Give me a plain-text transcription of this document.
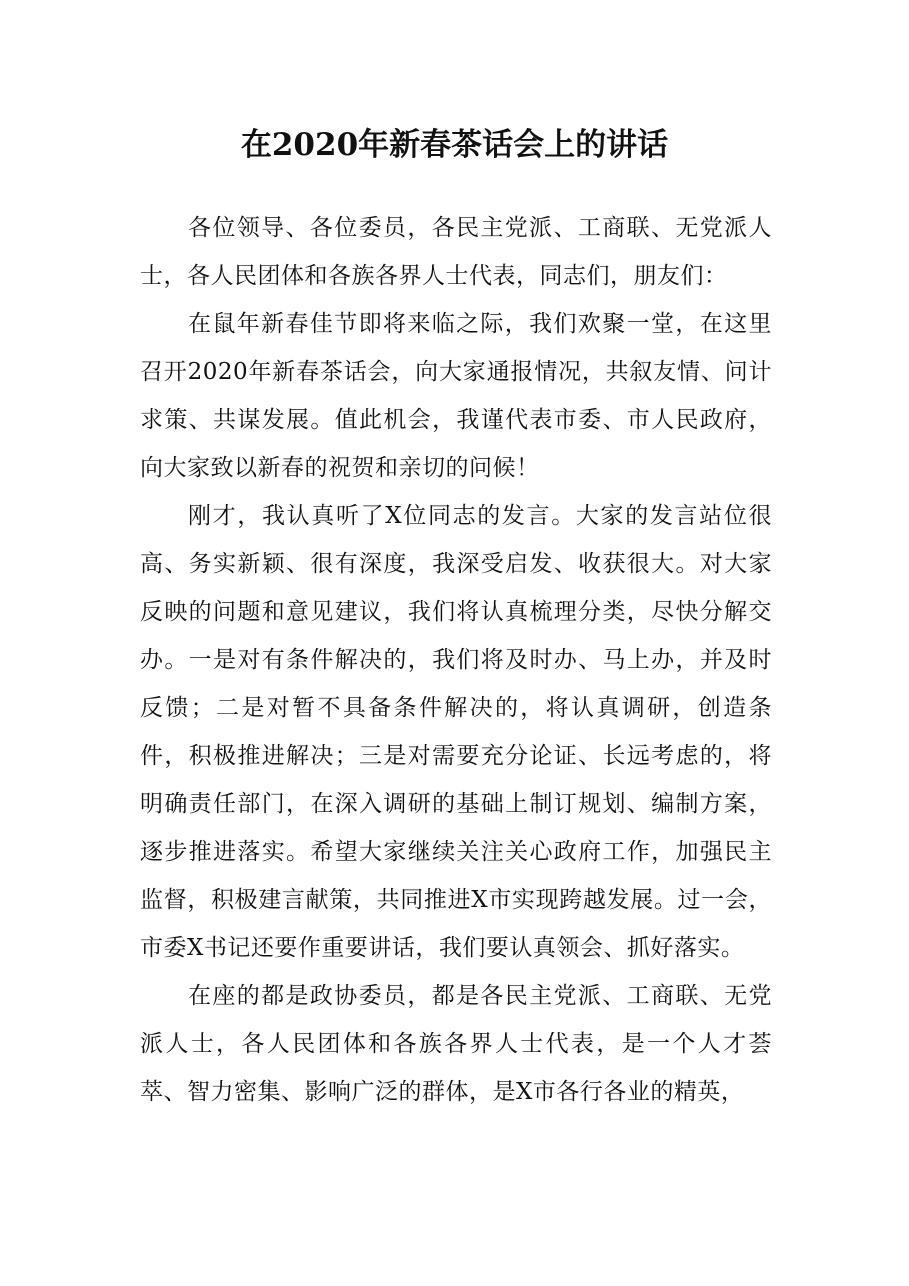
在2020年新春茶话会上的讲话

各位领导、各位委员，各民主党派、工商联、无党派人士，各人民团体和各族各界人士代表，同志们，朋友们：

在鼠年新春佳节即将来临之际，我们欢聚一堂，在这里召开2020年新春茶话会，向大家通报情况，共叙友情、问计求策、共谋发展。值此机会，我谨代表市委、市人民政府，向大家致以新春的祝贺和亲切的问候！

刚才，我认真听了X位同志的发言。大家的发言站位很高、务实新颖、很有深度，我深受启发、收获很大。对大家反映的问题和意见建议，我们将认真梳理分类，尽快分解交办。一是对有条件解决的，我们将及时办、马上办，并及时反馈；二是对暂不具备条件解决的，将认真调研，创造条件，积极推进解决；三是对需要充分论证、长远考虑的，将明确责任部门，在深入调研的基础上制订规划、编制方案，逐步推进落实。希望大家继续关注关心政府工作，加强民主监督，积极建言献策，共同推进X市实现跨越发展。过一会，市委X书记还要作重要讲话，我们要认真领会、抓好落实。

在座的都是政协委员，都是各民主党派、工商联、无党派人士，各人民团体和各族各界人士代表，是一个人才荟萃、智力密集、影响广泛的群体，是X市各行各业的精英，
